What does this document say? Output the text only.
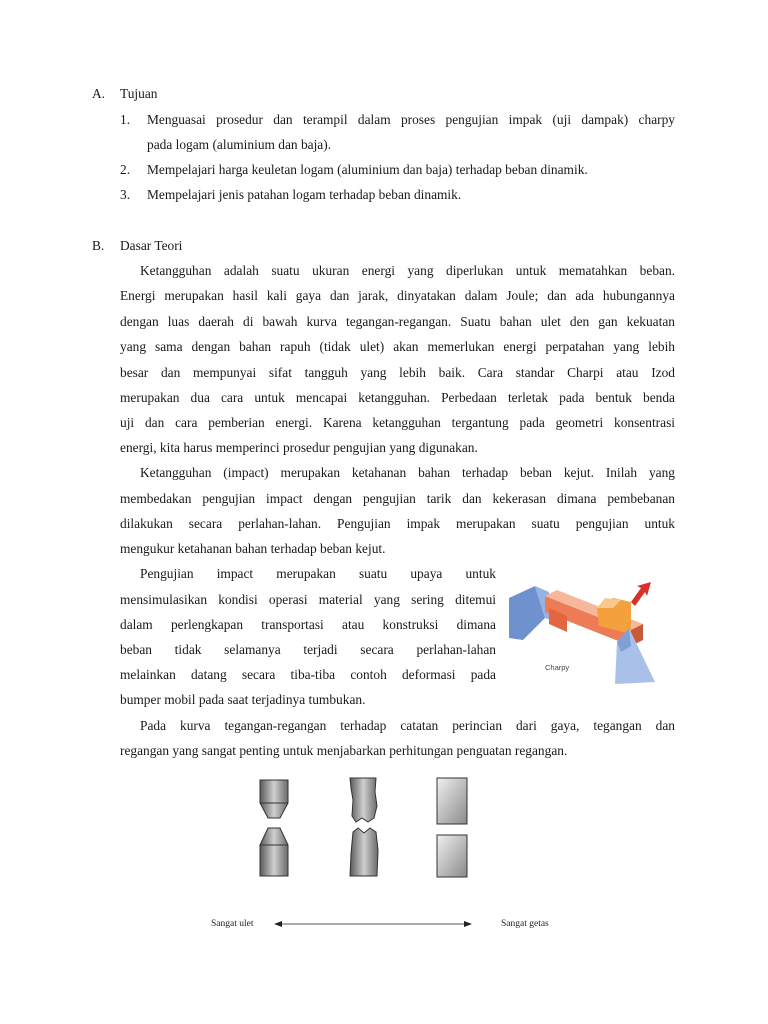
A. Tujuan
1. Menguasai prosedur dan terampil dalam proses pengujian impak (uji dampak) charpy
pada logam (aluminium dan baja).
2. Mempelajari harga keuletan logam (aluminium dan baja) terhadap beban dinamik.
3. Mempelajari jenis patahan logam terhadap beban dinamik.
B. Dasar Teori
Ketangguhan adalah suatu ukuran energi yang diperlukan untuk mematahkan beban.
Energi merupakan hasil kali gaya dan jarak, dinyatakan dalam Joule; dan ada hubungannya
dengan luas daerah di bawah kurva tegangan-regangan. Suatu bahan ulet den gan kekuatan
yang sama dengan bahan rapuh (tidak ulet) akan memerlukan energi perpatahan yang lebih
besar dan mempunyai sifat tangguh yang lebih baik. Cara standar Charpi atau Izod
merupakan dua cara untuk mencapai ketangguhan. Perbedaan terletak pada bentuk benda
uji dan cara pemberian energi. Karena ketangguhan tergantung pada geometri konsentrasi
energi, kita harus memperinci prosedur pengujian yang digunakan.
Ketangguhan (impact) merupakan ketahanan bahan terhadap beban kejut. Inilah yang
membedakan pengujian impact dengan pengujian tarik dan kekerasan dimana pembebanan
dilakukan secara perlahan-lahan. Pengujian impak merupakan suatu pengujian untuk
mengukur ketahanan bahan terhadap beban kejut.
Pengujian impact merupakan suatu upaya untuk
mensimulasikan kondisi operasi material yang sering ditemui
dalam perlengkapan transportasi atau konstruksi dimana
beban tidak selamanya terjadi secara perlahan-lahan
melainkan datang secara tiba-tiba contoh deformasi pada
bumper mobil pada saat terjadinya tumbukan.
Charpy
Pada kurva tegangan-regangan terhadap catatan perincian dari gaya, tegangan dan
regangan yang sangat penting untuk menjabarkan perhitungan penguatan regangan.
Sangat ulet	Sangat getas
